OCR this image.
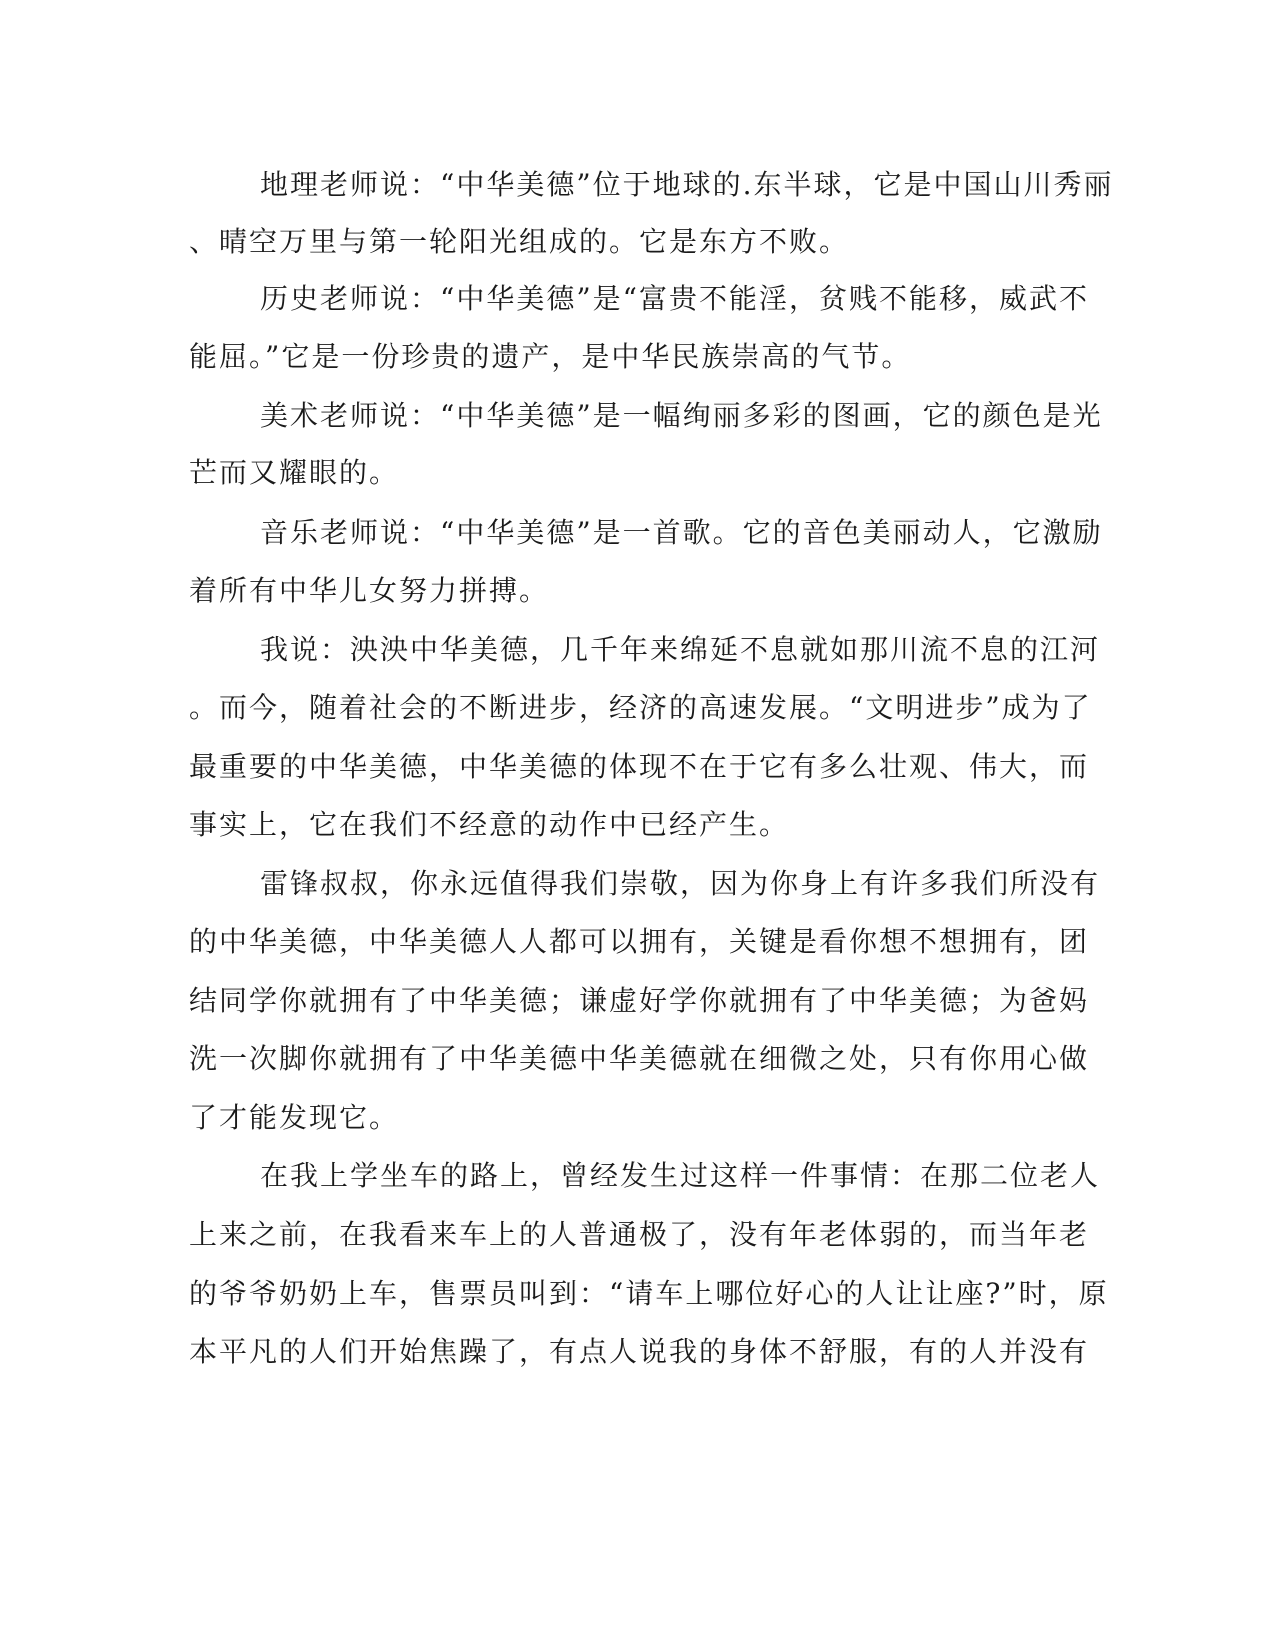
地理老师说：“中华美德”位于地球的.东半球，它是中国山川秀丽
、晴空万里与第一轮阳光组成的。它是东方不败。
历史老师说：“中华美德”是“富贵不能淫，贫贱不能移，威武不
能屈。”它是一份珍贵的遗产，是中华民族崇高的气节。
美术老师说：“中华美德”是一幅绚丽多彩的图画，它的颜色是光
芒而又耀眼的。
音乐老师说：“中华美德”是一首歌。它的音色美丽动人，它激励
着所有中华儿女努力拼搏。
我说：泱泱中华美德，几千年来绵延不息就如那川流不息的江河
。而今，随着社会的不断进步，经济的高速发展。“文明进步”成为了
最重要的中华美德，中华美德的体现不在于它有多么壮观、伟大，而
事实上，它在我们不经意的动作中已经产生。
雷锋叔叔，你永远值得我们崇敬，因为你身上有许多我们所没有
的中华美德，中华美德人人都可以拥有，关键是看你想不想拥有，团
结同学你就拥有了中华美德；谦虚好学你就拥有了中华美德；为爸妈
洗一次脚你就拥有了中华美德中华美德就在细微之处，只有你用心做
了才能发现它。
在我上学坐车的路上，曾经发生过这样一件事情：在那二位老人
上来之前，在我看来车上的人普通极了，没有年老体弱的，而当年老
的爷爷奶奶上车，售票员叫到：“请车上哪位好心的人让让座?”时，原
本平凡的人们开始焦躁了，有点人说我的身体不舒服，有的人并没有
